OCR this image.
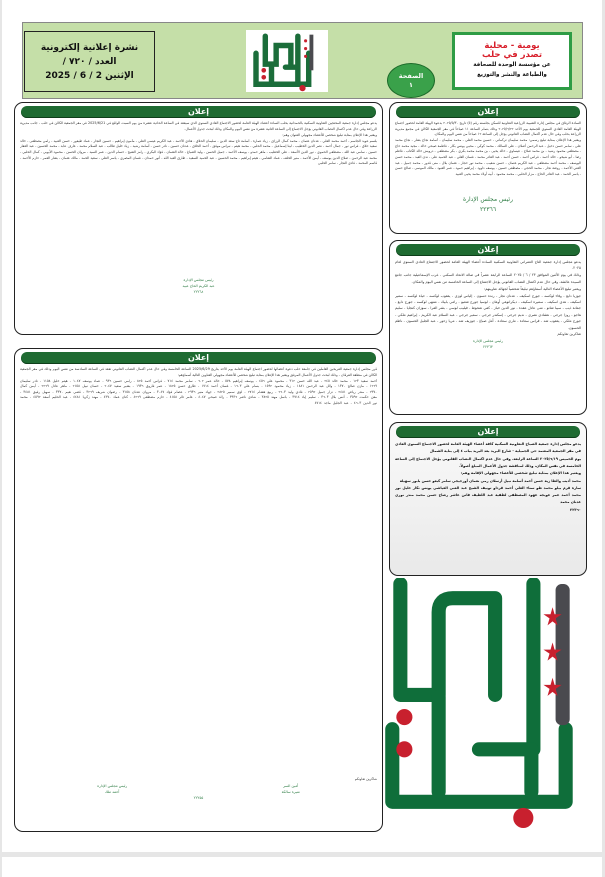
نشرة إعلانية إلكترونية
العدد / ٧٢٠ /
الإثنين 2 / 6 / 2025	الصفحة
١
يومية - محلية
تصدر في حلب
عن مؤسسة الوحدة للصحافة
والطباعة والنشر والتوزيع
إعلان

يدعو مجلس إدارة جمعية المحتجين التعاونية السكنية بالحمدانية بحلب السادة أعضاء الهيئة العامة لحضور الاجتماع العادي السنوي الذي سيعقد في الساعة الحادية عشرة من يوم السبت الواقع في 2025/6/21 في مقر الجمعية الكائن في حلب - جانب مديرية الزراعة وفي حال عدم اكتمال النصاب القانوني يؤجل الاجتماع إلى الساعة الثانية عشرة من نفس اليوم والمكان وذلك لبحث جدول الأعمال.

ويعتبر هذا الإعلان بمثابة تبليغ شخصي للأعضاء مجهولي العنوان وهم:

بلسم عويد الجاسم - أحمد محمد العلي - عدنان عثمان - محمد كمال الرزاق - زياد عمارة - أسامة تاج سعد الدين - سليمان الحلاق - هادي الأحمد - عبد الكريم عيسى العلي - مأمون إبراهيم - حسين النجار - عماد طيفور - حسن العبيد - رامي مصطفى - خالد سعيد حلاق - فراس نور - جمال أحمد - نصر الدين الخطيب - لينا إسماعيل - محمد الحلبي - محمد هيثم - نبراس موفق - أحمد الحلاق - عدنان حسين - نادر حسن - أسامة رشيد - زياد خليل طالب - عبد السلام محمد - عارف عابد - محمد الحسين - عبد الغفار حسين - سامي عبد الله - مصطفى الحموي - نور الدين الأسعد - علي الخطيب - ماهر حمدو - يوسف الأحمد - جميل الحسن - وليد الصباغ - خالد العثمان - فؤاد البكري - رامز الشيخ - حسام الدين - عمر السيد - مروان الحسن - محمود الأيوبي - كمال الحلبي - محمد عبد الرحمن - صلاح الدين يوسف - أيمن الأحمد - منير الخلف - عماد الشامي - هيثم إبراهيم - محمد الحسين - عبد الحميد السعيد - طارق العبد الله - أنور حمدان - غسان المصري - ياسر العلي - سعيد الحمد - مالك عثمان - بشار العمر - حازم الأحمد - قاسم المحمد - فادي النجار - سامر الحلبي

رئيس مجلس الإدارة
عبد الكريم الحاج عبيد
٢٢٢٦٨
إعلان

قرر مجلس إدارة جمعية الفريحين العاملين في جامعة حلب دعوة أعضائها لحضور اجتماع الهيئة العامة يوم الأحد بتاريخ 2025/6/29 الساعة الخامسة وفي حال عدم اكتمال النصاب القانوني تعقد في الساعة السادسة من نفس اليوم وذلك في مقر الجمعية الكائن في منطقة الفرقان - وذلك لبحث جدول الأعمال المرفق ويعتبر هذا الإعلان بمثابة تبليغ شخصي للأعضاء مجهولي العناوين التالية أسماؤهم:

أحمد سعيد ١٢٣ - محمد خالد ٢٤٥ - عبد الله حسن ٣١٢ - محمود علي ٤٥٦ - يوسف إبراهيم ٥٧٨ - خالد عمر ٦٠٢ - سامر محمد ٧١٤ - فراس أحمد ٨٢٥ - رامي حسين ٩٣٦ - عماد يوسف ١٠٤٧ - هيثم خليل ١١٥٨ - نادر سليمان ١٢٦٩ - مازن صالح ١٣٧٠ - وائل عبد الرحمن ١٤٨١ - زياد محمود ١٥٩٢ - بسام علي ١٦٠٣ - غسان أحمد ١٧١٤ - طارق حسن ١٨٢٥ - عمر فاروق ١٩٣٦ - بشير سعيد ٢٠٤٧ - حسان نبيل ٢١٥٨ - ماهر عادل ٢٢٦٩ - أيمن كمال ٢٣٧٠ - منذر رياض ٢٤٨١ - نزار جميل ٢٥٩٢ - فادي وليد ٢٦٠٣ - ربيع هشام ٢٧١٤ - لؤي سمير ٢٨٢٥ - جهاد منير ٢٩٣٦ - عصام فؤاد ٣٠٤٧ - مروان عدنان ٣١٥٨ - رضوان شريف ٣٢٦٩ - قصي نعيم ٣٣٧٠ - سهيل رفيق ٣٤٨١ - معن حكمت ٣٥٩٢ - أنس بلال ٣٦٠٣ - سليم إياد ٣٧١٤ - باسل مهند ٣٨٢٥ - شادي ناصر ٣٩٣٦ - رائد صبحي ٤٠٤٧ - عامر ثائر ٤١٥٨ - حازم مصطفى ٤٢٦٩ - كنان عماد ٤٣٧٠ - مهند زكريا ٤٤٨١ - عبد الحليم أسعد ٤٥٩٢ - محمد نور الدين ٤٦٠٣ - عبد الجليل ماجد ٤٧١٤

شاكرين تعاونكم

أمين السر
منيرة سالكة
رئيس مجلس الإدارة
أحمد ملك
٢٢٢٥٥
إعلان

السادة الرفاق في مجلس إدارة الشبيبة الزراعية التعاونية للسكن بجلسته رقم (٥) تاريخ ٢٠٢٥/٥/٣٠ بدعوة الهيئة العامة لحضور اجتماع الهيئة العامة العادي السنوي للجمعية يوم الأحد ٢٠٢٥/٦/٢٢ وذلك بتمام الساعة ١١ صباحاً في مقر الجمعية الكائن في مجمع مديرية الزراعة بحلب وفي حال عدم اكتمال النصاب القانوني يؤجل إلى الساعة ١٢ صباحاً من نفس اليوم والمكان.

ويعتبر هذا الإعلان بمثابة تبليغ رسمي: محمد سليمان تركماني - حسين محمد العلي - محمد سليمان - أسامة نجاح بشار - نجاح محمد علي - سامر حسن دخيل - عبد الرحمن أصلان - علي السالك - محمد كوكي - محيي يونس بكار - فاطمة صبحي خالد - مجيد محمد حاج - مصطفى محمود رشيد - بن محمد صلاح - عيساوي - خالد يحيى - بن محمد محمد بكري - بكر مصطفى - درويش خالد الكتاب - فاطم رضا - أبو شيخو - خالد أحمد - فراس أحمد - حسن أحمد - عبد القادر محمد - غسان العلي - عبد الحميد على - ندى العبد - محمد حسن اليوسف - محمد أحمد مصطفى - عبد الكريم عثمان - حسن شعيب - محمد نور حجار - عثمان بلال - منى قدور - محمد جميل - عبد الغني الأحمد - روضة نجار - محمد الحجي - مصطفى حسين - يوسف داوود - إبراهيم حمود - عمر العبود - مالك الموسى - صالح حسن - ياسر الحمد - عبد القادر الحاج - مزار الحلبي - محمد محمود - أبيه أولاد محمد يحيى العبيد

رئيس مجلس الإدارة
٢٢٣٦٦
إعلان

يدعو مجلس إدارة جمعية التاج العمراني التعاونية السكنية السادة أعضاء الهيئة العامة لحضور الاجتماع العادي السنوي لعام ٢٠٢٥.

وذلك في يوم الأثنين الموافق ٢٣ / ٦ / ٢٠٢٥ الساعة الرابعة عصراً في صالة الاتحاد السكني - غرب الإسماعيلية جانب جامع السيدة عائشة. وفي حال عدم اكتمال النصاب القانوني يؤجل الاجتماع إلى الساعة الخامسة من نفس اليوم والمكان.

ويعتبر تبليغ الأعضاء التالية أسماؤهم تبليغاً شخصياً لجهالة عناوينهم:

جوزيا دابغ - وفاء لوكسه - جورج اسكيف - عدنان نجار - رندة حسون - إلياس لوزي - يعقوب لوكسه - حياة لوكسه - سمير اسكيف - هدى اسكيف - سميرة اسكيف - ديكرانوهي أوهان - لوسيا جورج شعبو - رامي بابيك - منتهى لوكسه - جورج دابغ - جمانة ذيب - سيبا شاتو - منى عادل عقدة - نور الدين خباز - كفي شحوط - فيليب لوسي - بشر الفرا - سوزان كنجايا - سليم هاجو - روزا جرجي - هشادي نصري - نديم جرجي - إسكندر جرجي - سمير جرجي - عبد السلام عبد الكريم - إبراهيم ملكي - جورج ملكي - يعقوب شد - فراس سعادة - ماري سعادة - أمل صباغ - جوزيف شد - مريا زحور - عبد الجليل الحسون - ناظم الحسون.

شاكرين تعاونكم

رئيس مجلس الإدارة
٢٢٣٦٣
إعلان

يدعو مجلس إدارة جمعية الصباح التعاونية السكنية كافة أعضاء الهيئة العامة لحضور الاجتماع السنوي العادي في مقر الجمعية المعتمد حي الجميلية - شارع البريد بعد البريد بباب ٤ إلى بناية الشمال

يوم الخميس ٢٠٢٥/٦/١٩ الساعة الرابعة، وفي حال عدم اكتمال النصاب القانوني يؤجل الاجتماع إلى الساعة الخامسة في نفس المكان، وذلك لمناقشة جدول الأعمال المبلغ أصولاً.

ويعتبر هذا الإعلان بمثابة تبليغ شخصي للأعضاء مجهولي الإقامة وهم:

محمد أديب والطا زية حسن أحمد أسامة نبيل أرسلان رمي نعمان أورجيجي سامر كبعو حسن بابور سهيلة

سارة قرم بيلو محمد طو سناء العلي أحمد قرداو تونيف الشيخ عبد الغني العياشي يونس تكار خليل نور محمد أحمد عمر عويجه عهود المصطفى لطفية عبد اللطيف فاتن عاشر رضاح حسن محمد منذر نوري عدنان محمد

٢٢٣٦٠
